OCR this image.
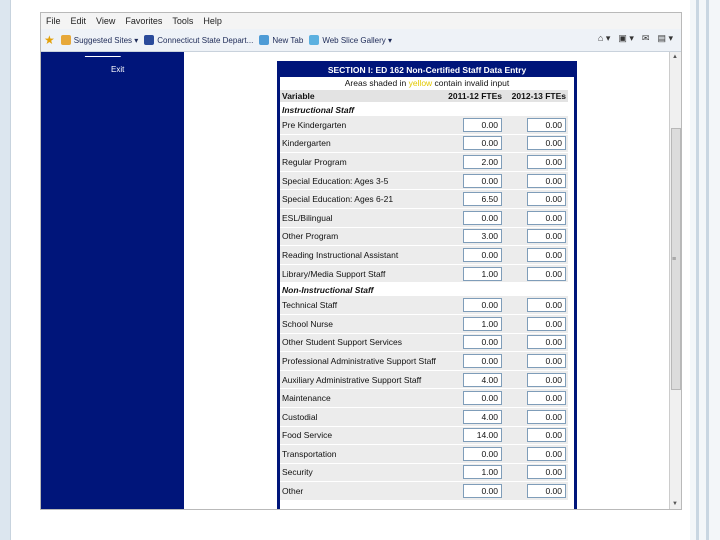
File	Edit	View	Favorites	Tools	Help
★ Suggested Sites ▾ Connecticut State Depart... New Tab Web Slice Gallery ▾	⌂ ▾ ▣ ▾ ✉ ▤ ▾
________
Exit	SECTION I: ED 162 Non-Certified Staff Data Entry
Areas shaded in yellow contain invalid input
Variable	2011-12 FTEs	2012-13 FTEs
Instructional Staff		
Pre Kindergarten	0.00	0.00
Kindergarten	0.00	0.00
Regular Program	2.00	0.00
Special Education: Ages 3-5	0.00	0.00
Special Education: Ages 6-21	6.50	0.00
ESL/Bilingual	0.00	0.00
Other Program	3.00	0.00
Reading Instructional Assistant	0.00	0.00
Library/Media Support Staff	1.00	0.00
Non-Instructional Staff		
Technical Staff	0.00	0.00
School Nurse	1.00	0.00
Other Student Support Services	0.00	0.00
Professional Administrative Support Staff	0.00	0.00
Auxiliary Administrative Support Staff	4.00	0.00
Maintenance	0.00	0.00
Custodial	4.00	0.00
Food Service	14.00	0.00
Transportation	0.00	0.00
Security	1.00	0.00
Other	0.00	0.00
▲
≡
▼
